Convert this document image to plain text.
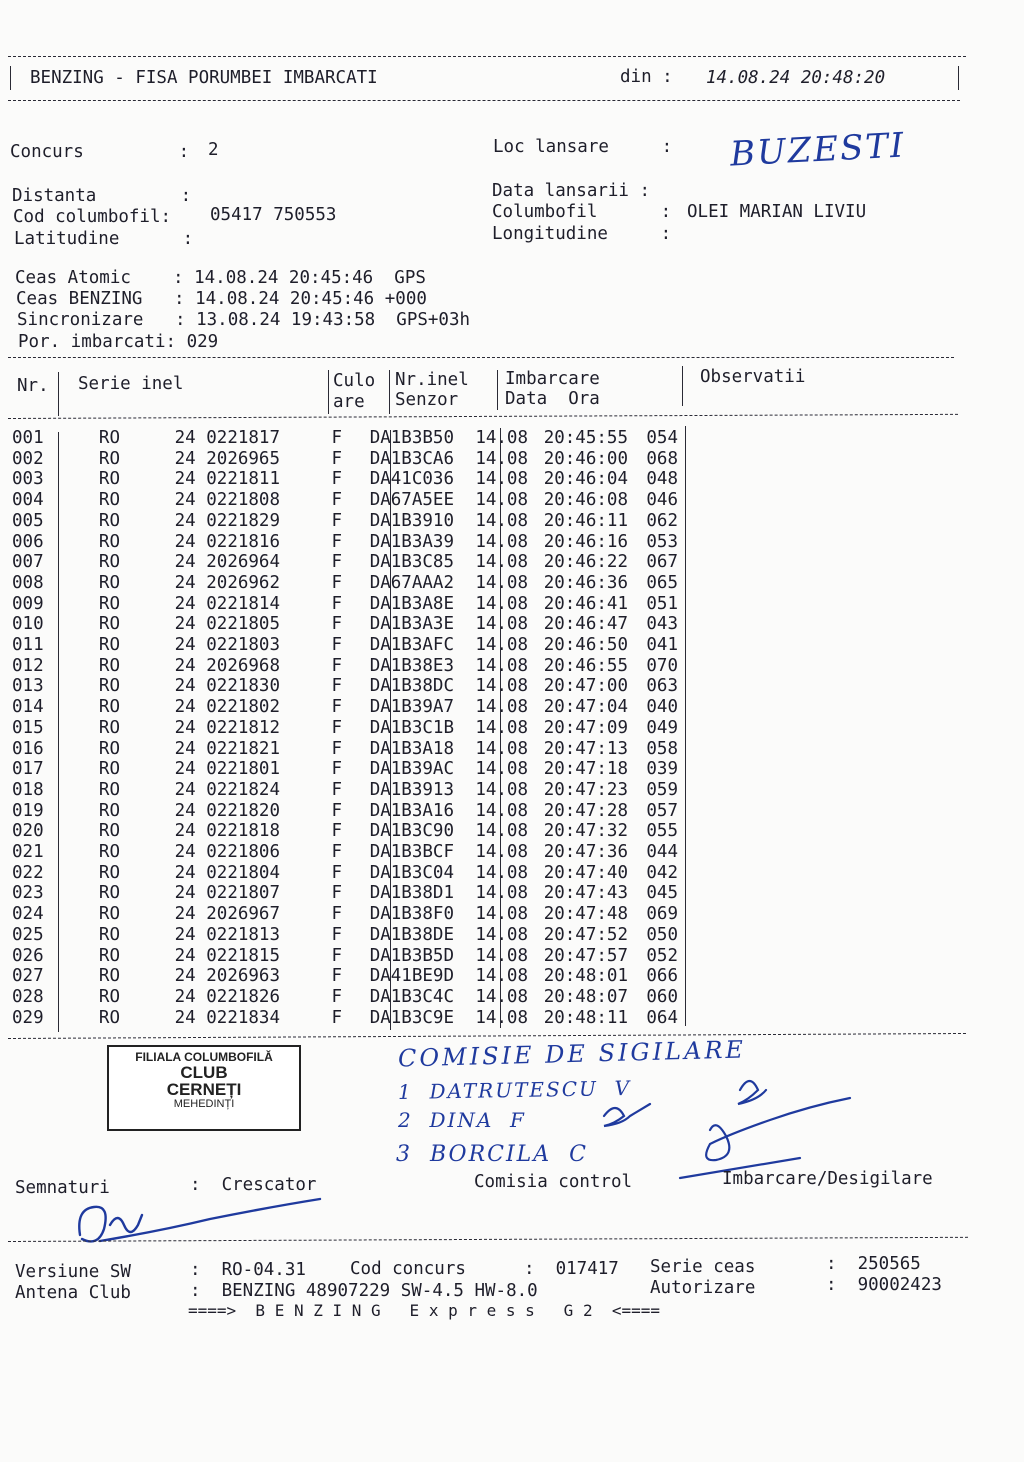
BENZING - FISA PORUMBEI IMBARCATI	din : 14.08.24 20:48:20
Concurs         : 2
Distanta        :
Cod columbofil: 05417 750553
Latitudine      :
Loc lansare     : BUZESTI
Data lansarii :
Columbofil      : OLEI MARIAN LIVIU
Longitudine     :
Ceas Atomic    : 14.08.24 20:45:46  GPS
Ceas BENZING   : 14.08.24 20:45:46 +000
Sincronizare   : 13.08.24 19:43:58  GPS+03h
Por. imbarcati: 029
Nr. Serie inel	Culo
are
Nr.inel
Senzor
Imbarcare
Data  Ora
Observatii
001	RO	24 0221817	F	DA1B3B50	14.08	20:45:55	054
002	RO	24 2026965	F	DA1B3CA6	14.08	20:46:00	068
003	RO	24 0221811	F	DA41C036	14.08	20:46:04	048
004	RO	24 0221808	F	DA67A5EE	14.08	20:46:08	046
005	RO	24 0221829	F	DA1B3910	14.08	20:46:11	062
006	RO	24 0221816	F	DA1B3A39	14.08	20:46:16	053
007	RO	24 2026964	F	DA1B3C85	14.08	20:46:22	067
008	RO	24 2026962	F	DA67AAA2	14.08	20:46:36	065
009	RO	24 0221814	F	DA1B3A8E	14.08	20:46:41	051
010	RO	24 0221805	F	DA1B3A3E	14.08	20:46:47	043
011	RO	24 0221803	F	DA1B3AFC	14.08	20:46:50	041
012	RO	24 2026968	F	DA1B38E3	14.08	20:46:55	070
013	RO	24 0221830	F	DA1B38DC	14.08	20:47:00	063
014	RO	24 0221802	F	DA1B39A7	14.08	20:47:04	040
015	RO	24 0221812	F	DA1B3C1B	14.08	20:47:09	049
016	RO	24 0221821	F	DA1B3A18	14.08	20:47:13	058
017	RO	24 0221801	F	DA1B39AC	14.08	20:47:18	039
018	RO	24 0221824	F	DA1B3913	14.08	20:47:23	059
019	RO	24 0221820	F	DA1B3A16	14.08	20:47:28	057
020	RO	24 0221818	F	DA1B3C90	14.08	20:47:32	055
021	RO	24 0221806	F	DA1B3BCF	14.08	20:47:36	044
022	RO	24 0221804	F	DA1B3C04	14.08	20:47:40	042
023	RO	24 0221807	F	DA1B38D1	14.08	20:47:43	045
024	RO	24 2026967	F	DA1B38F0	14.08	20:47:48	069
025	RO	24 0221813	F	DA1B38DE	14.08	20:47:52	050
026	RO	24 0221815	F	DA1B3B5D	14.08	20:47:57	052
027	RO	24 2026963	F	DA41BE9D	14.08	20:48:01	066
028	RO	24 0221826	F	DA1B3C4C	14.08	20:48:07	060
029	RO	24 0221834	F	DA1B3C9E	14.08	20:48:11	064
FILIALA COLUMBOFILĂ
CLUB
CERNEȚI
MEHEDINȚI
COMISIE DE SIGILARE
1  DATRUTESCU  V
2  DINA  F
3  BORCILA  C
Semnaturi	:  Crescator	Comisia control	Imbarcare/Desigilare
Versiune SW	:  RO-04.31	Cod concurs	:  017417 Serie ceas	:  250565
Antena Club	:  BENZING 48907229 SW-4.5 HW-8.0	Autorizare	:  90002423
====>  B E N Z I N G   E x p r e s s   G 2  <====
